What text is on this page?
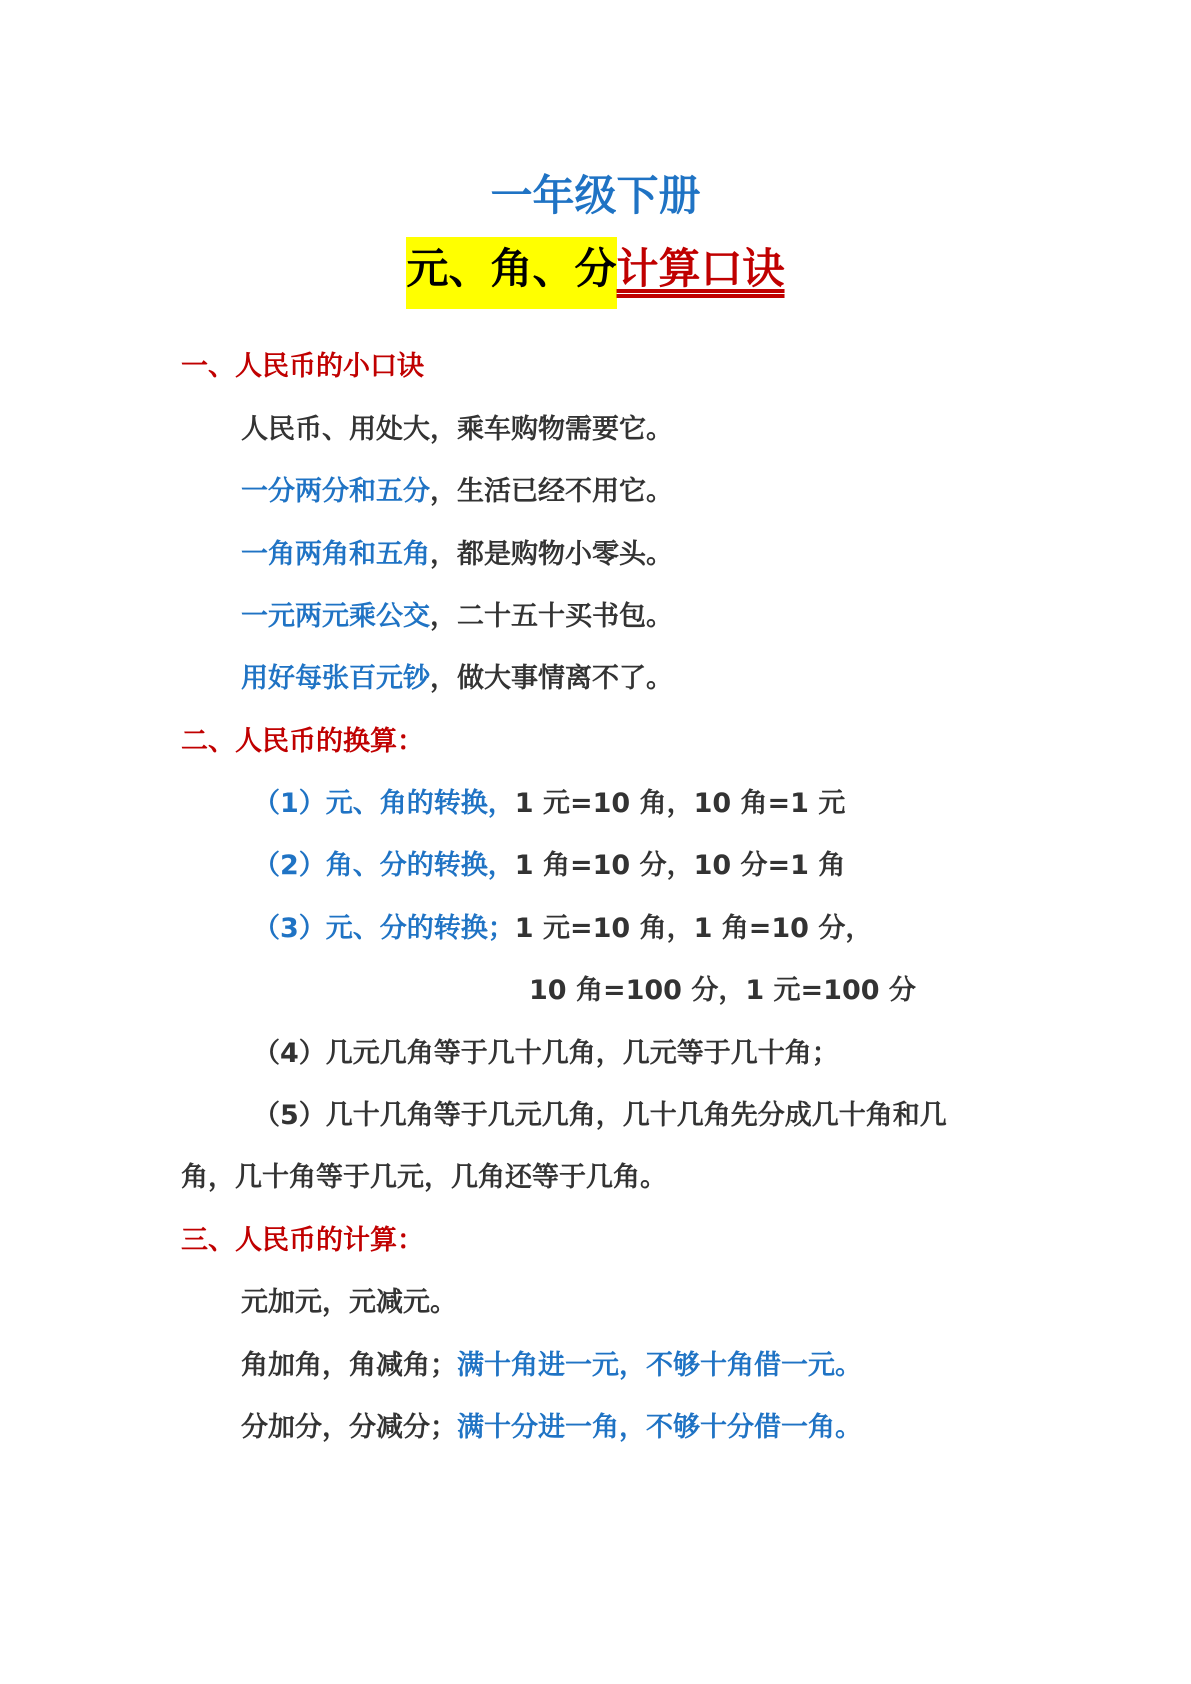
一年级下册
元、角、分计算口诀
一、人民币的小口诀
人民币、用处大，乘车购物需要它。
一分两分和五分，生活已经不用它。
一角两角和五角，都是购物小零头。
一元两元乘公交，二十五十买书包。
用好每张百元钞，做大事情离不了。
二、人民币的换算：
（1）元、角的转换，1 元=10 角，10 角=1 元
（2）角、分的转换，1 角=10 分，10 分=1 角
（3）元、分的转换；1 元=10 角，1 角=10 分，
10 角=100 分，1 元=100 分
（4）几元几角等于几十几角，几元等于几十角；
（5）几十几角等于几元几角，几十几角先分成几十角和几
角，几十角等于几元，几角还等于几角。
三、人民币的计算：
元加元，元减元。
角加角，角减角；满十角进一元，不够十角借一元。
分加分，分减分；满十分进一角，不够十分借一角。
